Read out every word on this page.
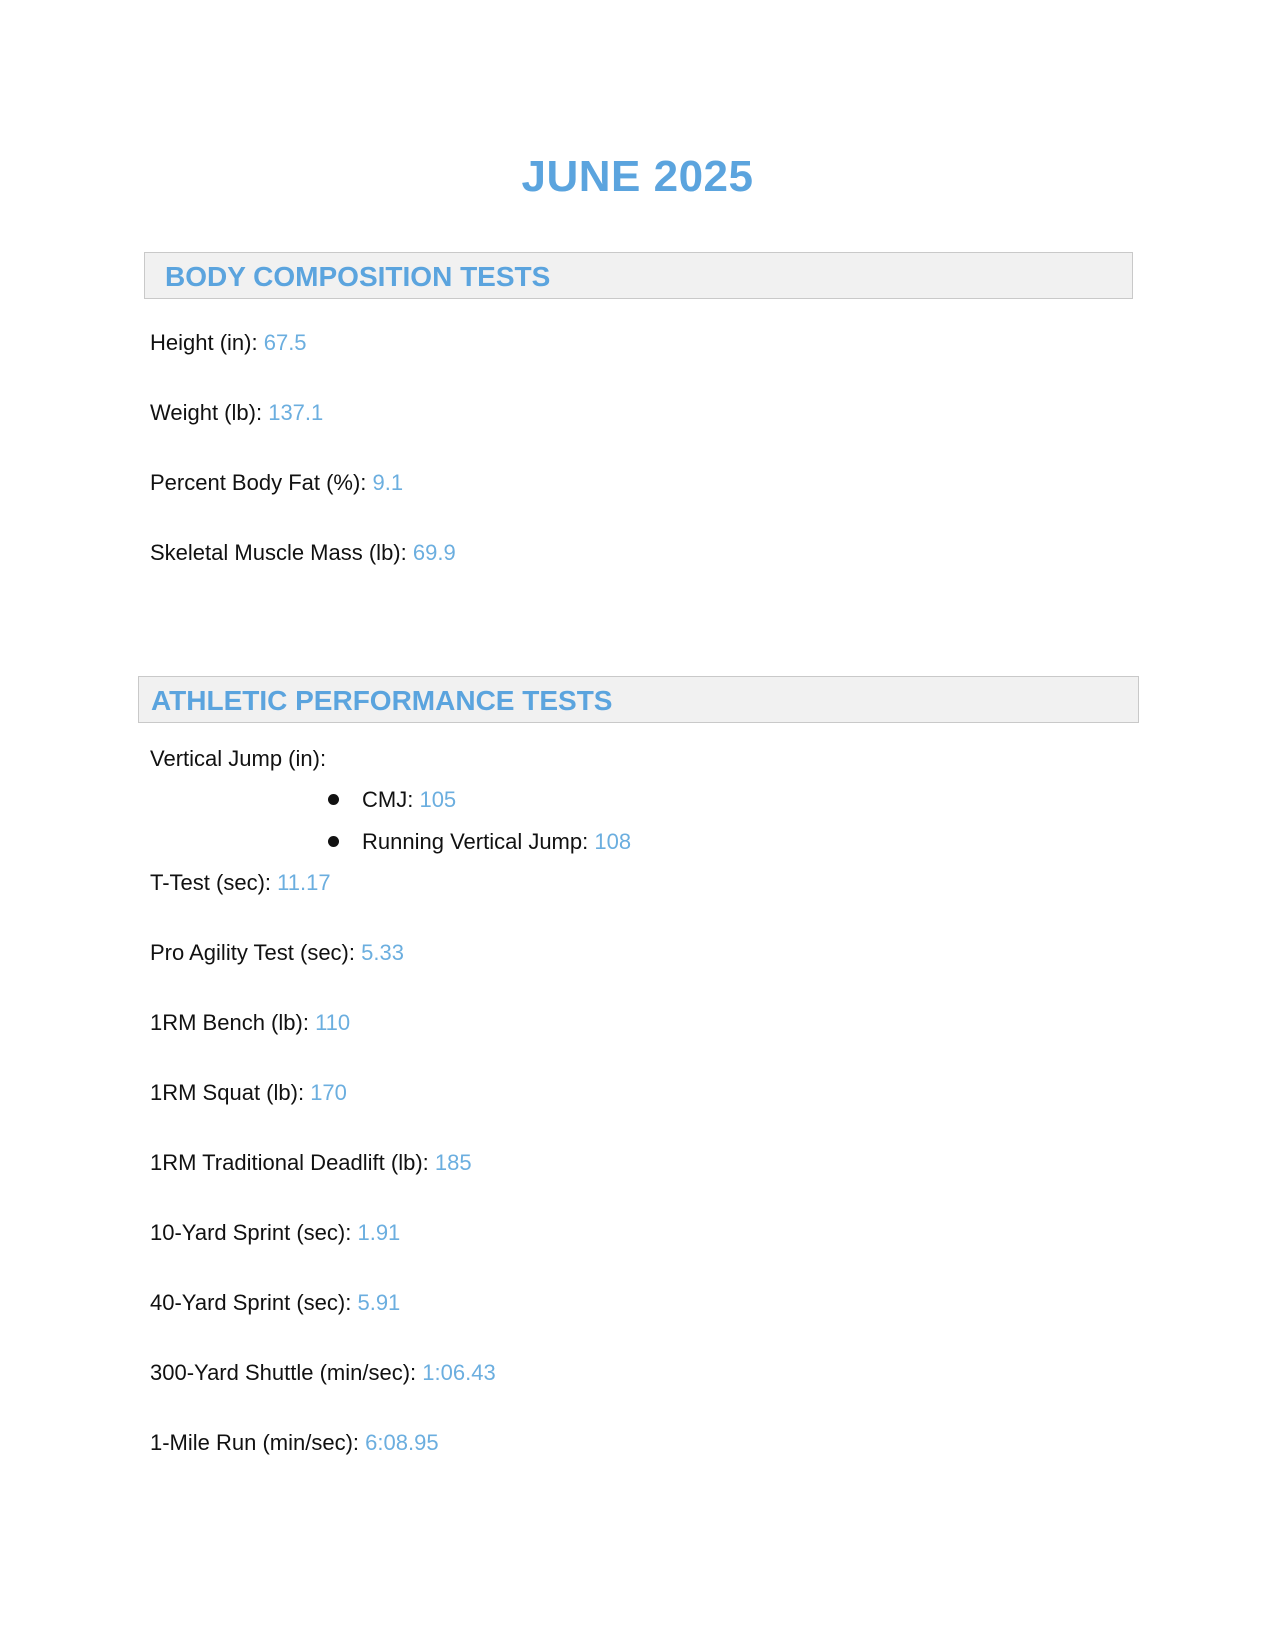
JUNE 2025
BODY COMPOSITION TESTS
Height (in): 67.5
Weight (lb): 137.1
Percent Body Fat (%): 9.1
Skeletal Muscle Mass (lb): 69.9
ATHLETIC PERFORMANCE TESTS
Vertical Jump (in):
CMJ: 105
Running Vertical Jump: 108
T-Test (sec): 11.17
Pro Agility Test (sec): 5.33
1RM Bench (lb): 110
1RM Squat (lb): 170
1RM Traditional Deadlift (lb): 185
10-Yard Sprint (sec): 1.91
40-Yard Sprint (sec): 5.91
300-Yard Shuttle (min/sec): 1:06.43
1-Mile Run (min/sec): 6:08.95
